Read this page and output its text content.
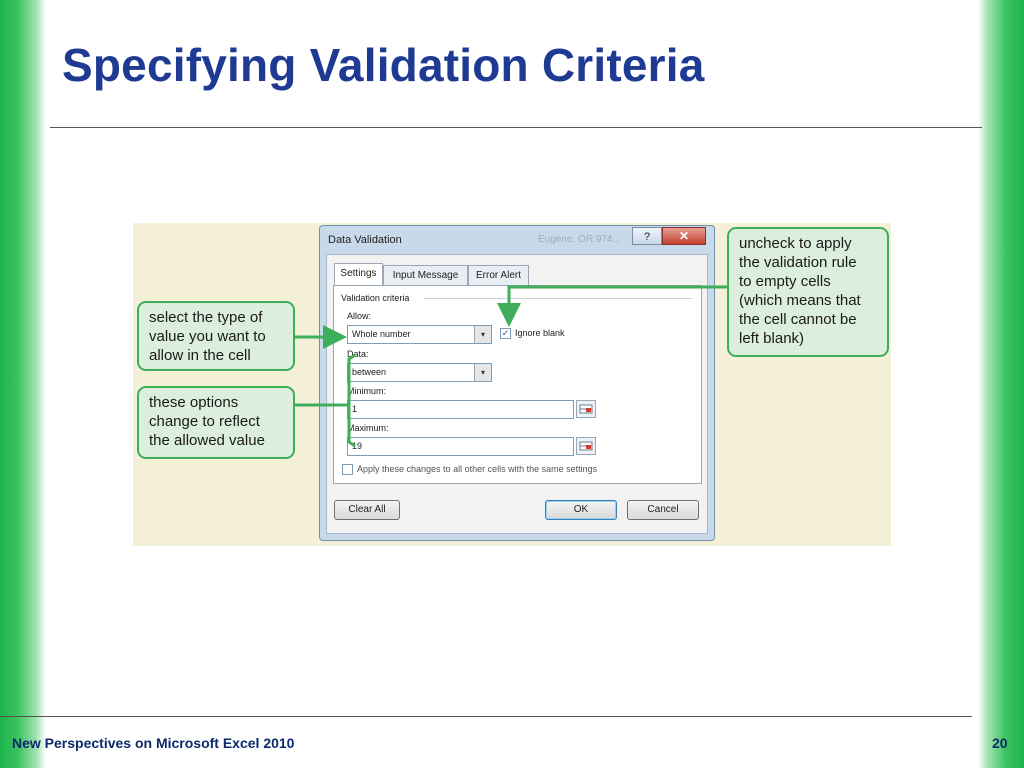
Specifying Validation Criteria
select the type of
value you want to
allow in the cell
these options
change to reflect
the allowed value
uncheck to apply
the validation rule
to empty cells
(which means that
the cell cannot be
left blank)
Data Validation	Eugene, OR 974...	?	✕
Settings	Input Message	Error Alert
Validation criteria
Allow:
Whole number	▾	✓ Ignore blank
Data:
between	▾
Minimum:
1
Maximum:
19
Apply these changes to all other cells with the same settings
Clear All	OK	Cancel
New Perspectives on Microsoft Excel 2010	20
